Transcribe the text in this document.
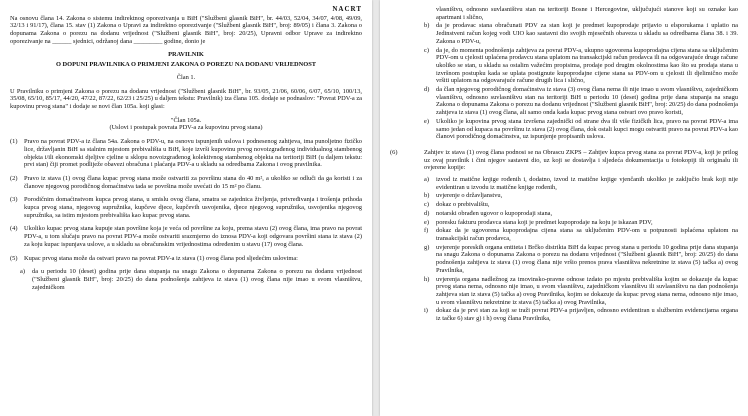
NACRT

Na osnovu člana 14. Zakona o sistemu indirektnog oporezivanja u BiH ("Službeni glasnik BiH", br. 44/03, 52/04, 34/07, 4/08, 49/09, 32/13 i 91/17), člana 15. stav (1) Zakona o Upravi za indirektno oporezivanje ("Službeni glasnik BiH", broj: 89/05) i člana 3. Zakona o dopunama Zakona o porezu na dodanu vrijednost ("Službeni glasnik BiH", broj: 20/25), Upravni odbor Uprave za indirektno oporezivanje na ______ sjednici, održanoj dana _________ godine, donio je

PRAVILNIK
O DOPUNI PRAVILNIKA O PRIMJENI ZAKONA O POREZU NA DODANU VRIJEDNOST
Član 1.

U Pravilniku o primjeni Zakona o porezu na dodanu vrijednost ("Službeni glasnik BiH", br. 93/05, 21/06, 60/06, 6/07, 65/10, 100/13, 35/08, 65/10, 85/17, 44/20, 47/22, 87/22, 62/23 i 25/25) u daljem tekstu: Pravilnik) iza člana 105. dodaje se podnaslov: "Povrat PDV-a za kupovinu prvog stana" i dodaje se novi član 105a. koji glasi:

"Član 105a.
(Uslovi i postupak povrata PDV-a za kupovinu prvog stana)
(1)	Pravo na povrat PDV-a iz člana 54a. Zakona o PDV-u, na osnovu ispunjenih uslova i podnesenog zahtjeva, ima punoljetno fizičko lice, državljanin BiH sa stalnim mjestom prebivališta u BiH, koje izvrši kupovinu prvog novoizgrađenog individualnog stambenog objekta i/ili ekonomski djeljive cjeline u sklopu novoizgrađenog kolektivnog stambenog objekta na teritoriji BiH (u daljem tekstu: prvi stan) čiji promet podliježe obavezi obračuna i plaćanja PDV-a u skladu sa odredbama Zakona i ovog pravilnika.
(2)	Pravo iz stava (1) ovog člana kupac prvog stana može ostvariti za površinu stana do 40 m², a ukoliko se odluči da ga koristi i za članove njegovog porodičnog domaćinstva tada se površina može uvećati do 15 m² po članu.
(3)	Porodičnim domaćinstvom kupca prvog stana, u smislu ovog člana, smatra se zajednica življenja, privređivanja i trošenja prihoda kupca prvog stana, njegovog supružnika, kupčeve djece, kupčevih usvojenika, djece njegovog supružnika, usvojenika njegovog supružnika, sa istim mjestom prebivališta kao kupac prvog stana.
(4)	Ukoliko kupac prvog stana kupuje stan površine koja je veća od površine za koju, prema stavu (2) ovog člana, ima pravo na povrat PDV-a, u tom slučaju pravo na povrat PDV-a može ostvariti srazmjerno do iznosa PDV-a koji odgovara površini stana iz stava (2) za koju kupac ispunjava uslove, a u skladu sa obračunskim vrijednostima određenim u stavu (17) ovog člana.
(5)	Kupac prvog stana može da ostvari pravo na povrat PDV-a iz stava (1) ovog člana pod sljedećim uslovima:
a)	da u periodu 10 (deset) godina prije dana stupanja na snagu Zakona o dopunama Zakona o porezu na dodanu vrijednost ("Službeni glasnik BiH", broj: 20/25) do dana podnošenja zahtjeva iz stava (1) ovog člana nije imao u svom vlasništvu, zajedničkom
vlasništvu, odnosno suvlasništvu stan na teritoriji Bosne i Hercegovine, uključujući stanove koji su oznake kao apartmani i slično,
b)	da je prodavac stana obračunati PDV za stan koji je predmet kupoprodaje prijavio u elsporukama i uplatio na Jedinstveni račun kojeg vodi UIO kao sastavni dio svojih mjesečnih obaveza u skladu sa odredbama člana 38. i 39. Zakona o PDV-u,
c)	da je, do momenta podnošenja zahtjeva za povrat PDV-a, ukupno ugovorena kupoprodajna cijena stana sa uključenim PDV-om u cjelosti uplaćena prodavcu stana uplatom na transakcijski račun prodavca ili na odgovarajuće druge račune ukoliko se stan, u skladu sa ostalim važećim propisima, prodaje pod drugim okolnostima kao što su prodaja stana u izvršnom postupku kada se uplata postignute kupoprodajne cijene stana sa PDV-om u cjelosti ili djelimično može vršiti uplatom na odgovarajuće račune drugih lica i slično,
d)	da član njegovog porodičnog domaćinstva iz stava (3) ovog člana nema ili nije imao u svom vlasništvu, zajedničkom vlasništvu, odnosno suvlasništvu stan na teritoriji BiH u periodu 10 (deset) godina prije dana stupanja na snagu Zakona o dopunama Zakona o porezu na dodanu vrijednost ("Službeni glasnik BiH", broj: 20/25) do dana podnošenja zahtjeva iz stava (1) ovog člana, ali samo onda kada kupac prvog stana ostvari ovo pravo koristi,
e)	Ukoliko je kupovina prvog stana izvršena zajednički od strane dva ili više fizičkih lica, pravo na povrat PDV-a ima samo jedan od kupaca na površinu iz stava (2) ovog člana, dok ostali kupci mogu ostvariti pravo na povrat PDV-a kao članovi porodičnog domaćinstva, uz ispunjenje propisanih uslova.
(6)	Zahtjev iz stava (1) ovog člana podnosi se na Obrascu ZKPS – Zahtjev kupca prvog stana za povrat PDV-a, koji je prilog uz ovaj pravilnik i čini njegov sastavni dio, uz koji se dostavlja i sljedeća dokumentacija u fotokopiji ili originalu ili ovjerene kopije:
a)	izvod iz matične knjige rođenih i, dodatno, izvod iz matične knjige vjenčanih ukoliko je zaključio brak koji nije evidentiran u izvodu iz matične knjige rođenih,
b)	uvjerenje o državljanstvu,
c)	dokaz o prebivalištu,
d)	notarski obrađen ugovor o kupoprodaji stana,
e)	poresku fakturu prodavca stana koji je predmet kupoprodaje na koju je iskazan PDV,
f)	dokaz da je ugovorena kupoprodajna cijena stana sa uključenim PDV-om u potpunosti isplaćena uplatom na transakcijski račun prodavca,
g)	uvjerenje poreskih organa entiteta i Brčko distrikta BiH da kupac prvog stana u periodu 10 godina prije dana stupanja na snagu Zakona o dopunama Zakona o porezu na dodanu vrijednost ("Službeni glasnik BiH", broj: 20/25) do dana podnošenja zahtjeva iz stava (1) ovog člana nije vršio prenos prava vlasništva nekretnine iz stava (5) tačka a) ovog Pravilnika,
h)	uvjerenja organa nadležnog za imovinsko-pravne odnose izdato po mjestu prebivališta kojim se dokazuje da kupac prvog stana nema, odnosno nije imao, u svom vlasništvu, zajedničkom vlasništvu ili suvlasništvu na dan podnošenja zahtjeva stan iz stava (5) tačka a) ovog Pravilnika, kojim se dokazuje da kupac prvog stana nema, odnosno nije imao, u svom vlasništvu nekretnine iz stava (5) tačka a) ovog Pravilnika,
i)	dokaz da je prvi stan za koji se traži povrat PDV-a prijavljen, odnosno evidentiran u službenim evidencijama organa iz tačke 6) stav g) i h) ovog člana Pravilnika,
